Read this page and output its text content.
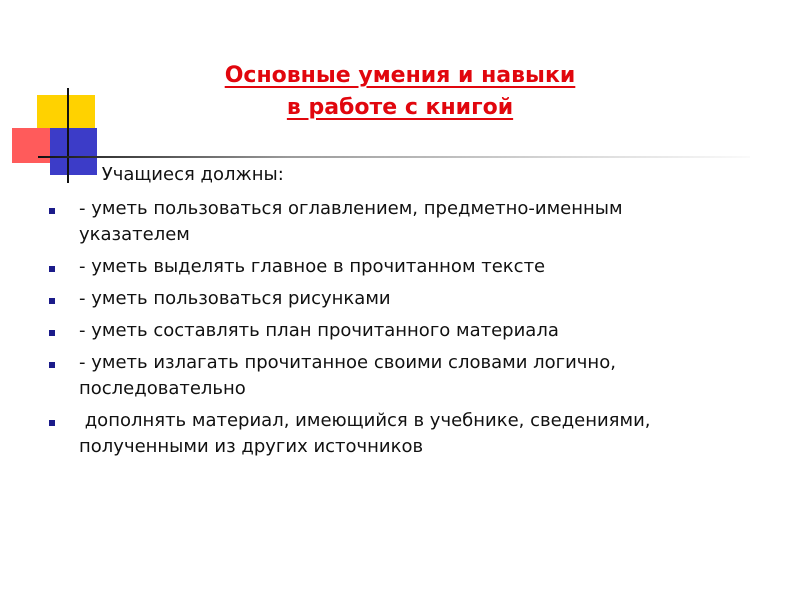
Основные умения и навыки
в работе с книгой
Учащиеся должны:
- уметь пользоваться оглавлением, предметно-именным указателем
- уметь выделять главное в прочитанном тексте
- уметь пользоваться рисунками
- уметь составлять план прочитанного материала
- уметь излагать прочитанное своими словами логично, последовательно
дополнять материал, имеющийся в учебнике, сведениями, полученными из других источников
